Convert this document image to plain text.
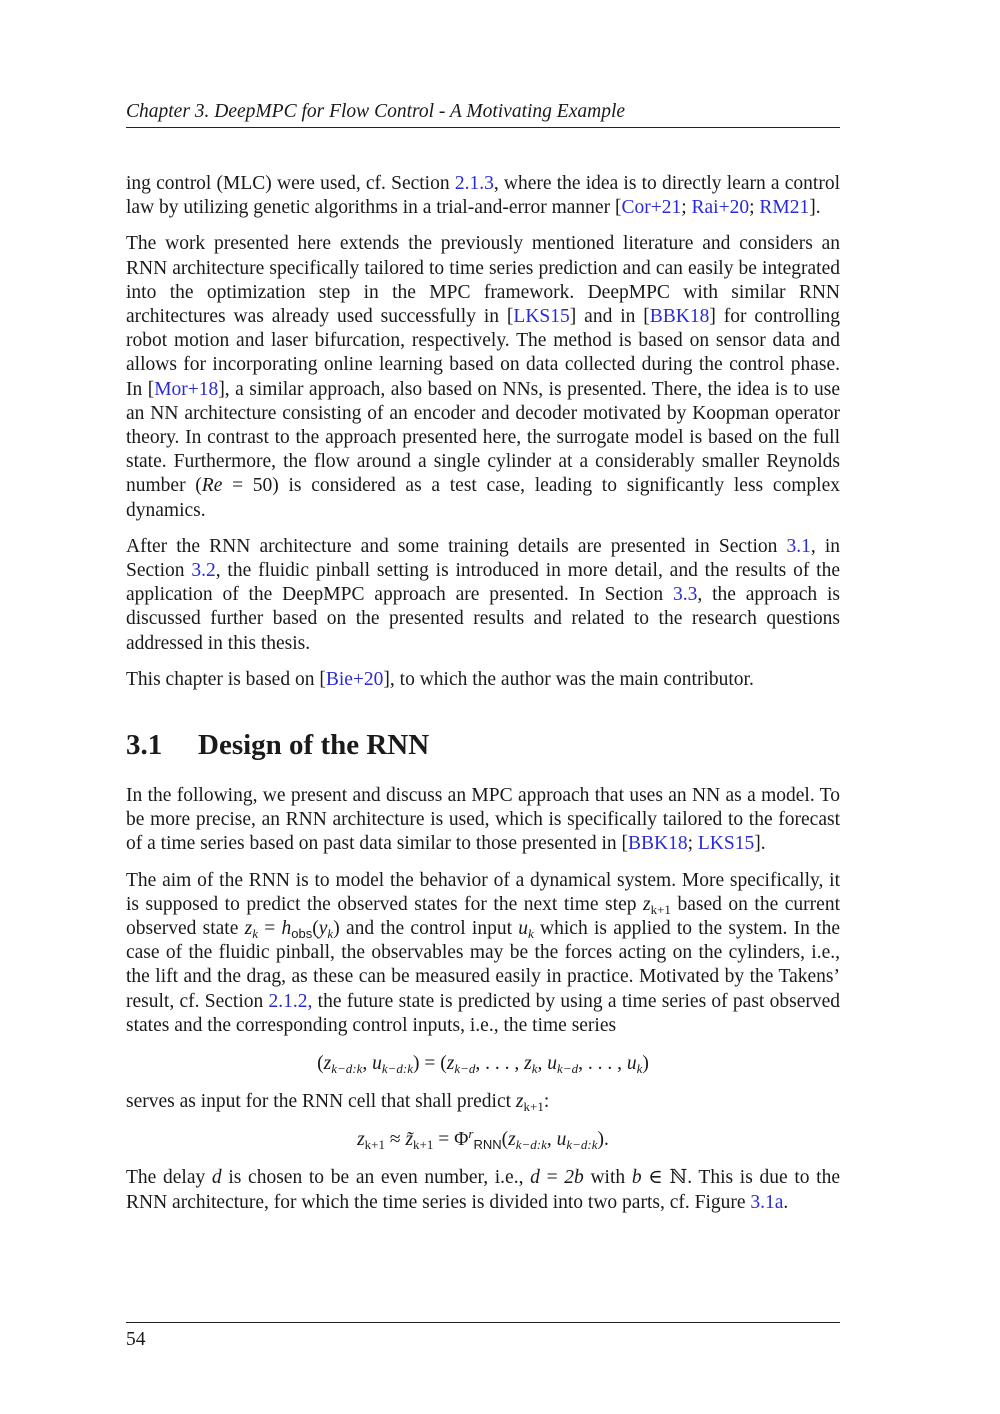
Chapter 3. DeepMPC for Flow Control - A Motivating Example

ing control (MLC) were used, cf. Section 2.1.3, where the idea is to directly learn a control law by utilizing genetic algorithms in a trial-and-error manner [Cor+21; Rai+20; RM21].

The work presented here extends the previously mentioned literature and considers an RNN architecture specifically tailored to time series prediction and can easily be integrated into the optimization step in the MPC framework. DeepMPC with similar RNN architectures was already used successfully in [LKS15] and in [BBK18] for controlling robot motion and laser bifurcation, respectively. The method is based on sensor data and allows for incorporating online learning based on data collected during the control phase. In [Mor+18], a similar approach, also based on NNs, is presented. There, the idea is to use an NN architecture consisting of an encoder and decoder motivated by Koopman operator theory. In contrast to the approach presented here, the surrogate model is based on the full state. Furthermore, the flow around a single cylinder at a considerably smaller Reynolds number (Re = 50) is considered as a test case, leading to significantly less complex dynamics.

After the RNN architecture and some training details are presented in Section 3.1, in Section 3.2, the fluidic pinball setting is introduced in more detail, and the results of the application of the DeepMPC approach are presented. In Section 3.3, the approach is discussed further based on the presented results and related to the research questions addressed in this thesis.

This chapter is based on [Bie+20], to which the author was the main contributor.

3.1 Design of the RNN

In the following, we present and discuss an MPC approach that uses an NN as a model. To be more precise, an RNN architecture is used, which is specifically tailored to the forecast of a time series based on past data similar to those presented in [BBK18; LKS15].

The aim of the RNN is to model the behavior of a dynamical system. More specifically, it is supposed to predict the observed states for the next time step $z_{k+1}$ based on the current observed state $z_k = h_{obs}(y_k)$ and the control input $u_k$ which is applied to the system. In the case of the fluidic pinball, the observables may be the forces acting on the cylinders, i.e., the lift and the drag, as these can be measured easily in practice. Motivated by the Takens’ result, cf. Section 2.1.2, the future state is predicted by using a time series of past observed states and the corresponding control inputs, i.e., the time series

($z_{k-d:k}$, $u_{k-d:k}) = (z_{k-d}$, . . . , $z_k$, $u_{k-d}$, . . . , $u_k$)

serves as input for the RNN cell that shall predict $z_{k+1}$:

$z_{k+1}$ ≈ $z̃_{k+1} = \Phi^r_{RNN}(z_{k-d:k}$, $u_{k-d:k}$).

The delay d is chosen to be an even number, i.e., d = 2b with b ∈ ℕ. This is due to the RNN architecture, for which the time series is divided into two parts, cf. Figure 3.1a.

54
